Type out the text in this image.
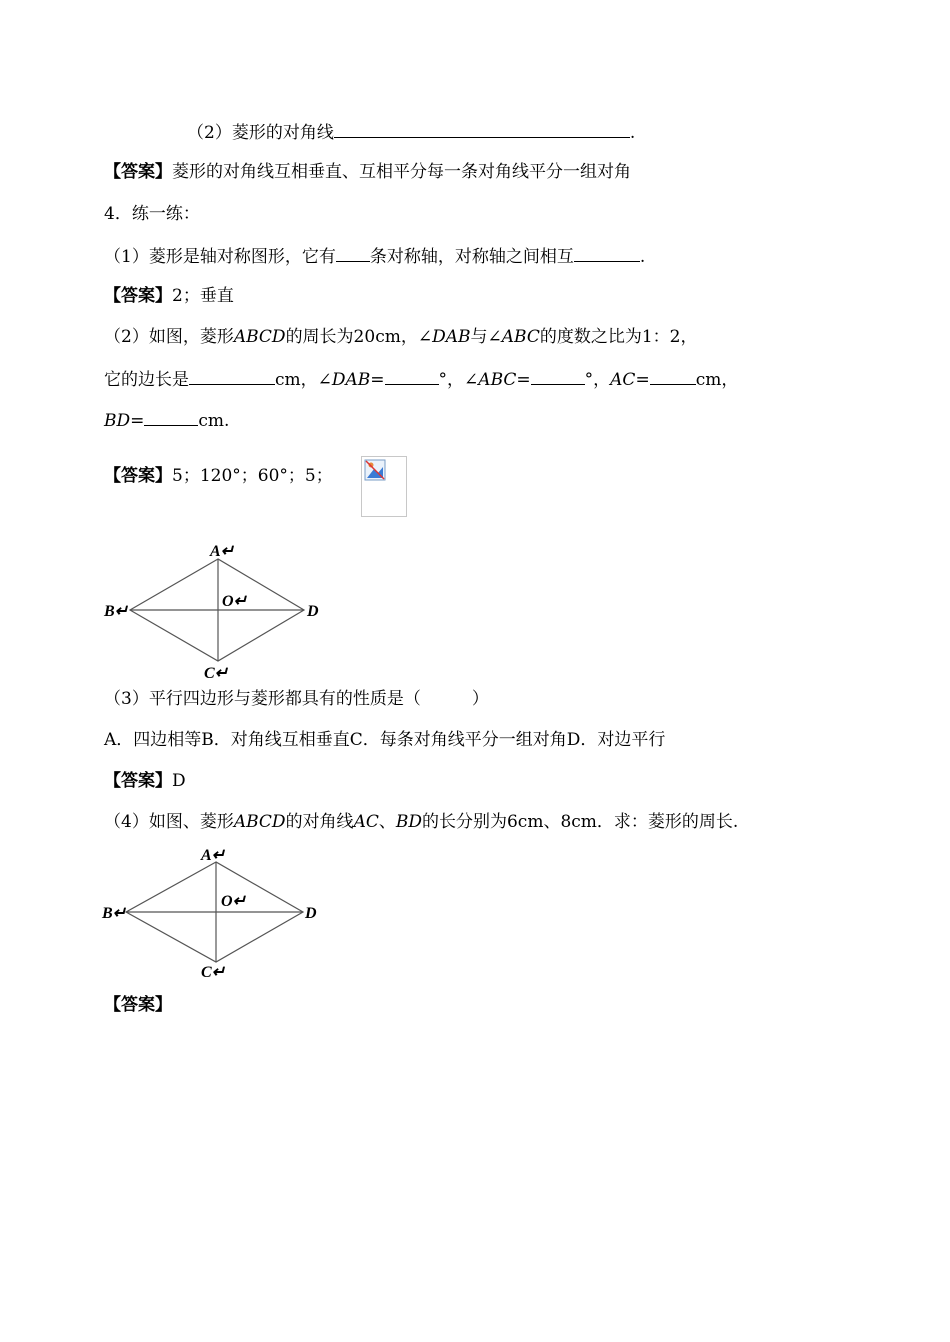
（2）菱形的对角线	.
【答案】菱形的对角线互相垂直、互相平分每一条对角线平分一组对角
4．练一练：
（1）菱形是轴对称图形，它有 条对称轴，对称轴之间相互	.
【答案】2；垂直
（2）如图，菱形ABCD的周长为20cm，∠DAB与∠ABC的度数之比为1：2，
它的边长是	cm，∠DAB=	°，∠ABC=	°，AC=	cm，
BD=	cm.
【答案】5；120°；60°；5；
A↵
B↵
C↵
D
O↵
（3）平行四边形与菱形都具有的性质是（　　　）
A．四边相等B．对角线互相垂直C．每条对角线平分一组对角D．对边平行
【答案】D
（4）如图、菱形ABCD的对角线AC、BD的长分别为6cm、8cm．求：菱形的周长.
A↵
B↵
C↵
D
O↵
【答案】
